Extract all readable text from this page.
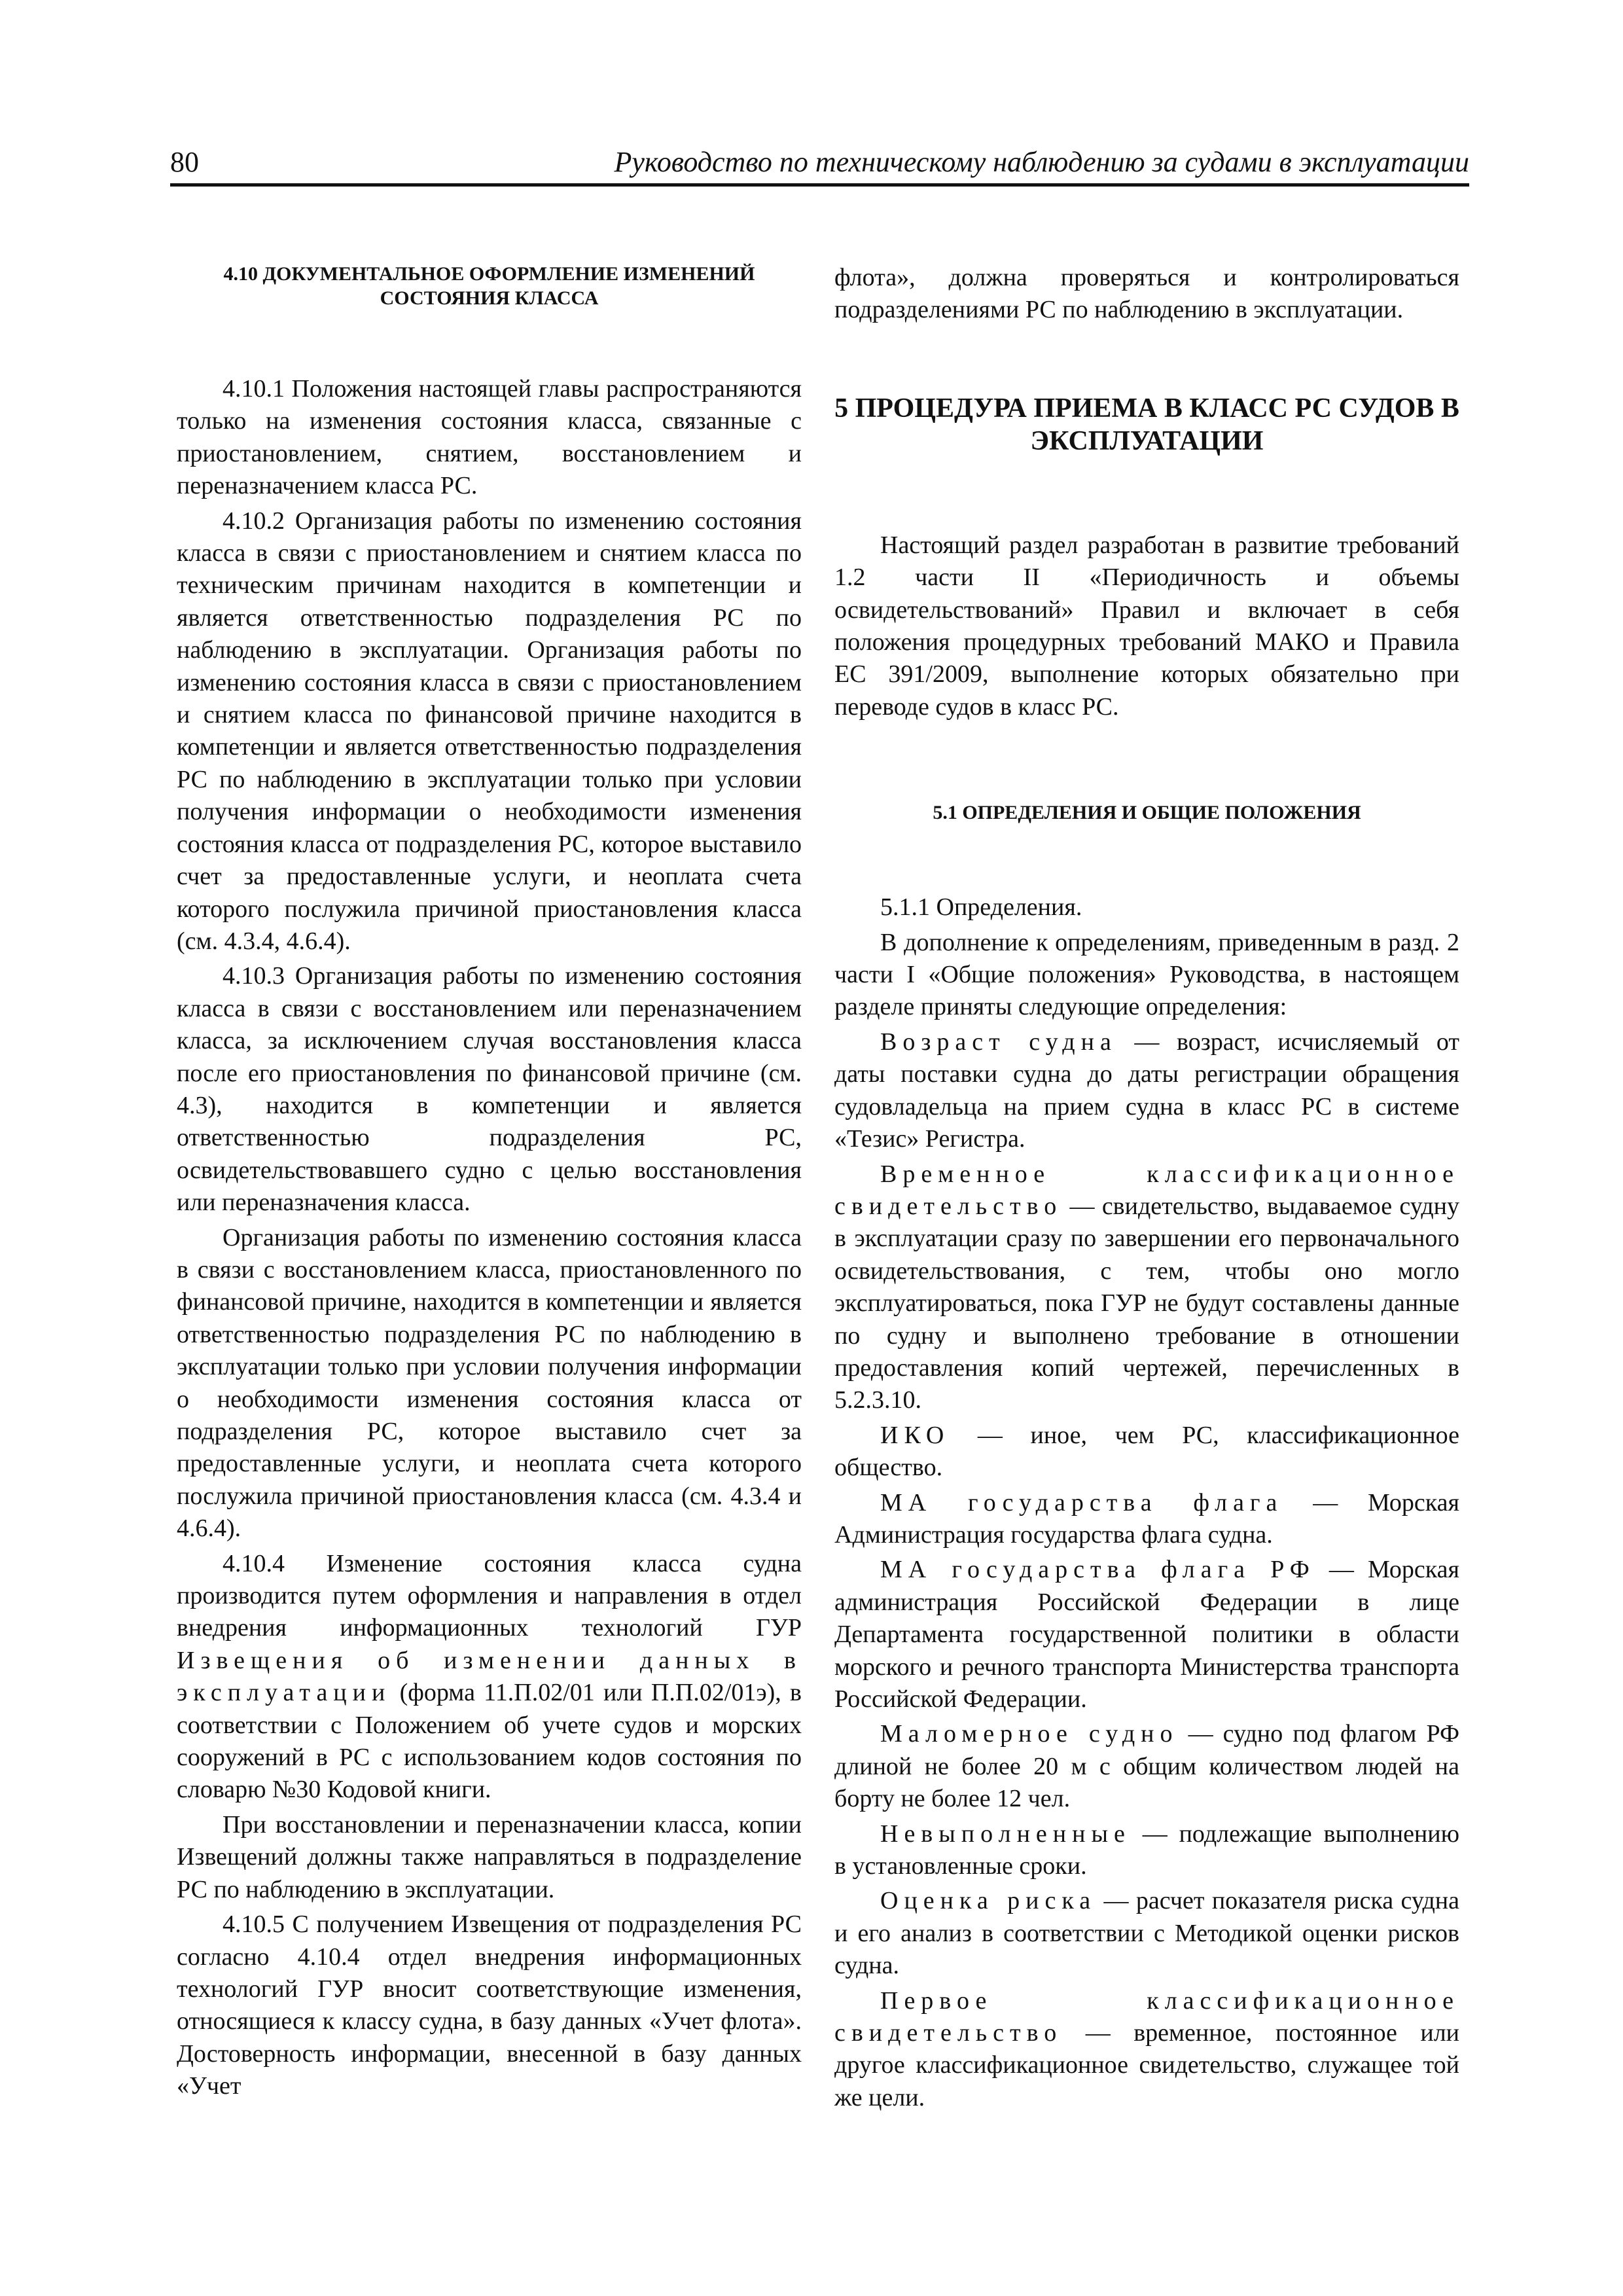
80	Руководство по техническому наблюдению за судами в эксплуатации
4.10 ДОКУМЕНТАЛЬНОЕ ОФОРМЛЕНИЕ ИЗМЕНЕНИЙ СОСТОЯНИЯ КЛАССА

4.10.1 Положения настоящей главы распространяются только на изменения состояния класса, связанные с приостановлением, снятием, восстановлением и переназначением класса РС.

4.10.2 Организация работы по изменению состояния класса в связи с приостановлением и снятием класса по техническим причинам находится в компетенции и является ответственностью подразделения РС по наблюдению в эксплуатации. Организация работы по изменению состояния класса в связи с приостановлением и снятием класса по финансовой причине находится в компетенции и является ответственностью подразделения РС по наблюдению в эксплуатации только при условии получения информации о необходимости изменения состояния класса от подразделения РС, которое выставило счет за предоставленные услуги, и неоплата счета которого послужила причиной приостановления класса (см. 4.3.4, 4.6.4).

4.10.3 Организация работы по изменению состояния класса в связи с восстановлением или переназначением класса, за исключением случая восстановления класса после его приостановления по финансовой причине (см. 4.3), находится в компетенции и является ответственностью подразделения РС, освидетельствовавшего судно с целью восстановления или переназначения класса.

Организация работы по изменению состояния класса в связи с восстановлением класса, приостановленного по финансовой причине, находится в компетенции и является ответственностью подразделения РС по наблюдению в эксплуатации только при условии получения информации о необходимости изменения состояния класса от подразделения РС, которое выставило счет за предоставленные услуги, и неоплата счета которого послужила причиной приостановления класса (см. 4.3.4 и 4.6.4).

4.10.4 Изменение состояния класса судна производится путем оформления и направления в отдел внедрения информационных технологий ГУР Извещения об изменении данных в эксплуатации (форма 11.П.02/01 или П.П.02/01э), в соответствии с Положением об учете судов и морских сооружений в РС с использованием кодов состояния по словарю №30 Кодовой книги.

При восстановлении и переназначении класса, копии Извещений должны также направляться в подразделение РС по наблюдению в эксплуатации.

4.10.5 С получением Извещения от подразделения РС согласно 4.10.4 отдел внедрения информационных технологий ГУР вносит соответствующие изменения, относящиеся к классу судна, в базу данных «Учет флота». Достоверность информации, внесенной в базу данных «Учет

флота», должна проверяться и контролироваться подразделениями РС по наблюдению в эксплуатации.

5 ПРОЦЕДУРА ПРИЕМА В КЛАСС РС СУДОВ В ЭКСПЛУАТАЦИИ

Настоящий раздел разработан в развитие требований 1.2 части II «Периодичность и объемы освидетельствований» Правил и включает в себя положения процедурных требований МАКО и Правила ЕС 391/2009, выполнение которых обязательно при переводе судов в класс РС.

5.1 ОПРЕДЕЛЕНИЯ И ОБЩИЕ ПОЛОЖЕНИЯ

5.1.1 Определения.

В дополнение к определениям, приведенным в разд. 2 части I «Общие положения» Руководства, в настоящем разделе приняты следующие определения:

Возраст судна — возраст, исчисляемый от даты поставки судна до даты регистрации обращения судовладельца на прием судна в класс РС в системе «Тезис» Регистра.

Временное классификационное свидетельство — свидетельство, выдаваемое судну в эксплуатации сразу по завершении его первоначального освидетельствования, с тем, чтобы оно могло эксплуатироваться, пока ГУР не будут составлены данные по судну и выполнено требование в отношении предоставления копий чертежей, перечисленных в 5.2.3.10.

ИКО — иное, чем РС, классификационное общество.

МА государства флага — Морская Администрация государства флага судна.

МА государства флага РФ — Морская администрация Российской Федерации в лице Департамента государственной политики в области морского и речного транспорта Министерства транспорта Российской Федерации.

Маломерное судно — судно под флагом РФ длиной не более 20 м с общим количеством людей на борту не более 12 чел.

Невыполненные — подлежащие выполнению в установленные сроки.

Оценка риска — расчет показателя риска судна и его анализ в соответствии с Методикой оценки рисков судна.

Первое классификационное свидетельство — временное, постоянное или другое классификационное свидетельство, служащее той же цели.
